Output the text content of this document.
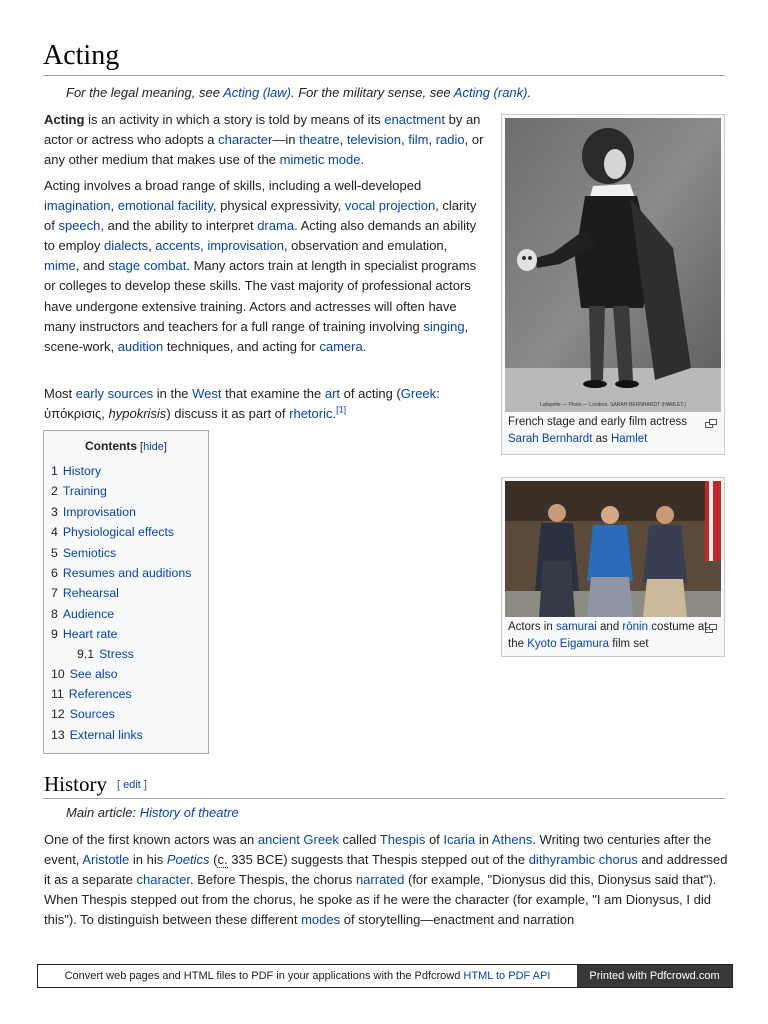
Acting
For the legal meaning, see Acting (law). For the military sense, see Acting (rank).

Acting is an activity in which a story is told by means of its enactment by an actor or actress who adopts a character—in theatre, television, film, radio, or any other medium that makes use of the mimetic mode.

Acting involves a broad range of skills, including a well-developed imagination, emotional facility, physical expressivity, vocal projection, clarity of speech, and the ability to interpret drama. Acting also demands an ability to employ dialects, accents, improvisation, observation and emulation, mime, and stage combat. Many actors train at length in specialist programs or colleges to develop these skills. The vast majority of professional actors have undergone extensive training. Actors and actresses will often have many instructors and teachers for a full range of training involving singing, scene-work, audition techniques, and acting for camera.

Most early sources in the West that examine the art of acting (Greek: ὑπόκρισις, hypokrisis) discuss it as part of rhetoric.[1]	Lafayette — Photo — Londres. SARAH-BERNHARDT (HAMLET.)
French stage and early film actress Sarah Bernhardt as Hamlet
Actors in samurai and rōnin costume at the Kyoto Eigamura film set
Contents [hide]
1 History
2 Training
3 Improvisation
4 Physiological effects
5 Semiotics
6 Resumes and auditions
7 Rehearsal
8 Audience
9 Heart rate
9.1 Stress
10 See also
11 References
12 Sources
13 External links
History [ edit ]
Main article: History of theatre

One of the first known actors was an ancient Greek called Thespis of Icaria in Athens. Writing two centuries after the event, Aristotle in his Poetics (c. 335 BCE) suggests that Thespis stepped out of the dithyrambic chorus and addressed it as a separate character. Before Thespis, the chorus narrated (for example, "Dionysus did this, Dionysus said that"). When Thespis stepped out from the chorus, he spoke as if he were the character (for example, "I am Dionysus, I did this"). To distinguish between these different modes of storytelling—enactment and narration

Convert web pages and HTML files to PDF in your applications with the Pdfcrowd HTML to PDF API	Printed with Pdfcrowd.com
